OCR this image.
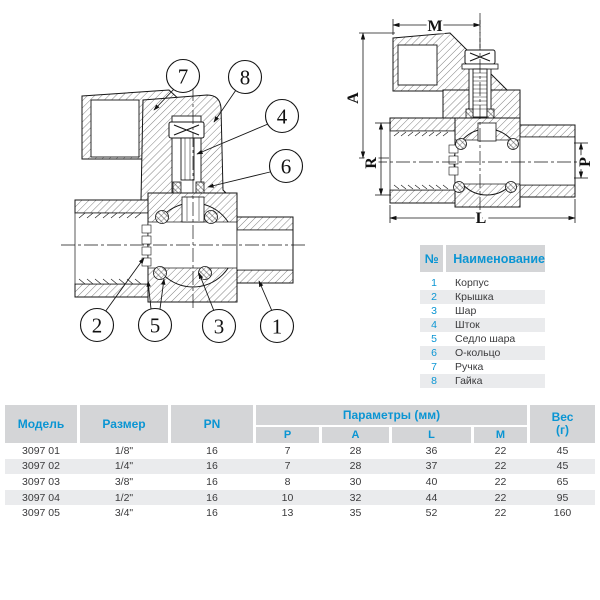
7 8
4
6
2 5	3 1
M
A
R	P
L
№	Наименование
1	Корпус
2	Крышка
3	Шар
4	Шток
5	Седло шара
6	О-кольцо
7	Ручка
8	Гайка
Модель	Размер	PN
Параметры (мм)	Вес
(г)
P	A	L	M
3097 01	1/8"	16	7	28	36	22	45
3097 02	1/4"	16	7	28	37	22	45
3097 03	3/8"	16	8	30	40	22	65
3097 04	1/2"	16	10	32	44	22	95
3097 05	3/4"	16	13	35	52	22	160
